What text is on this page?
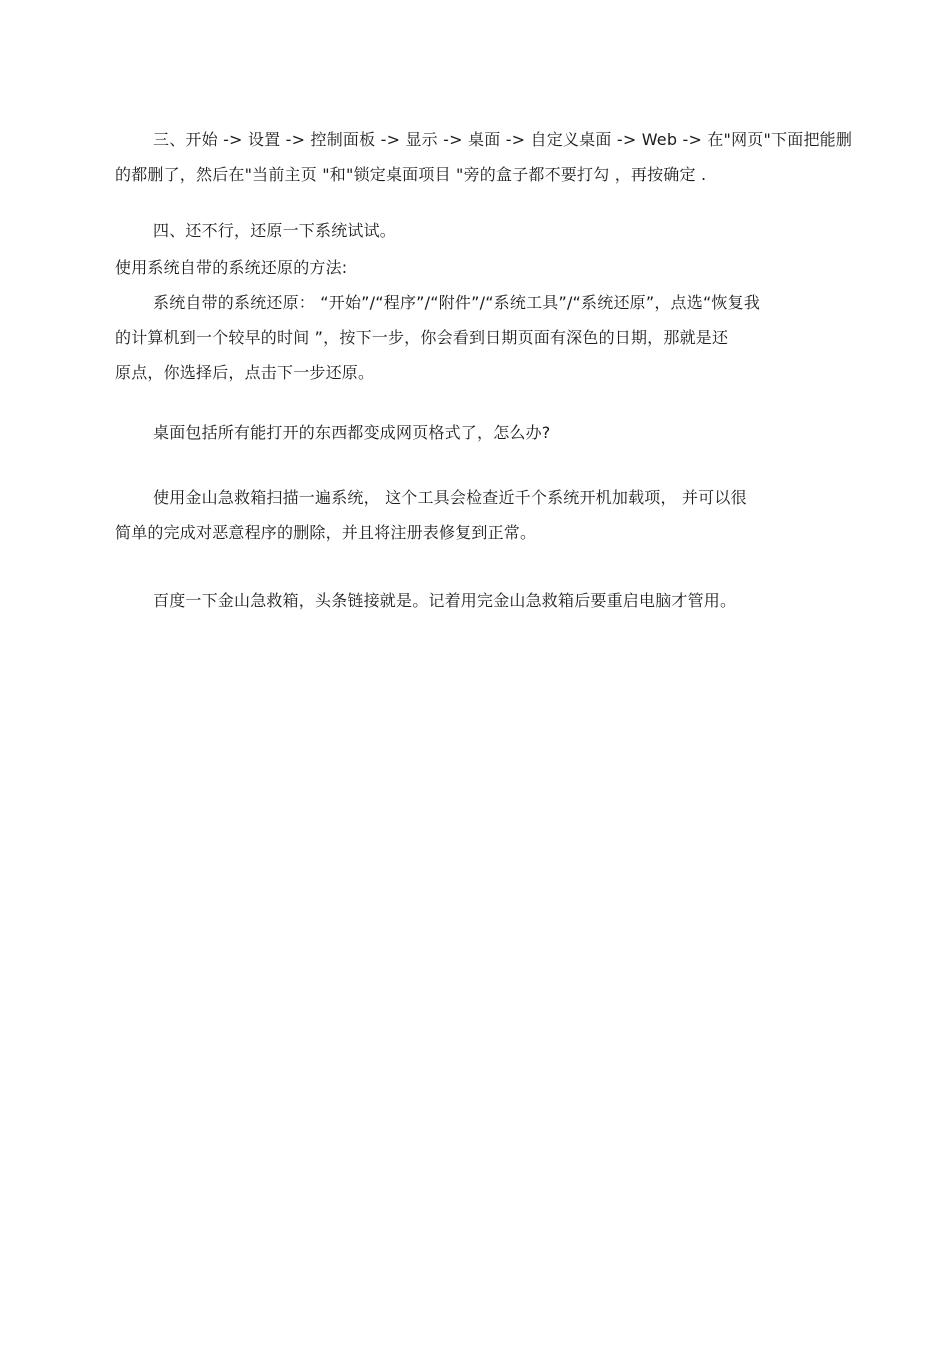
三、开始 -> 设置 -> 控制面板 -> 显示 -> 桌面 -> 自定义桌面 -> Web -> 在"网页"下面把能删
的都删了，然后在"当前主页 "和"锁定桌面项目 "旁的盒子都不要打勾 ，再按确定 .
四、还不行，还原一下系统试试。
使用系统自带的系统还原的方法:
系统自带的系统还原： “开始”/“程序”/“附件”/“系统工具”/“系统还原”，点选“恢复我
的计算机到一个较早的时间 ”，按下一步，你会看到日期页面有深色的日期，那就是还
原点，你选择后，点击下一步还原。
桌面包括所有能打开的东西都变成网页格式了，怎么办?
使用金山急救箱扫描一遍系统， 这个工具会检查近千个系统开机加载项， 并可以很
简单的完成对恶意程序的删除，并且将注册表修复到正常。
百度一下金山急救箱，头条链接就是。记着用完金山急救箱后要重启电脑才管用。
